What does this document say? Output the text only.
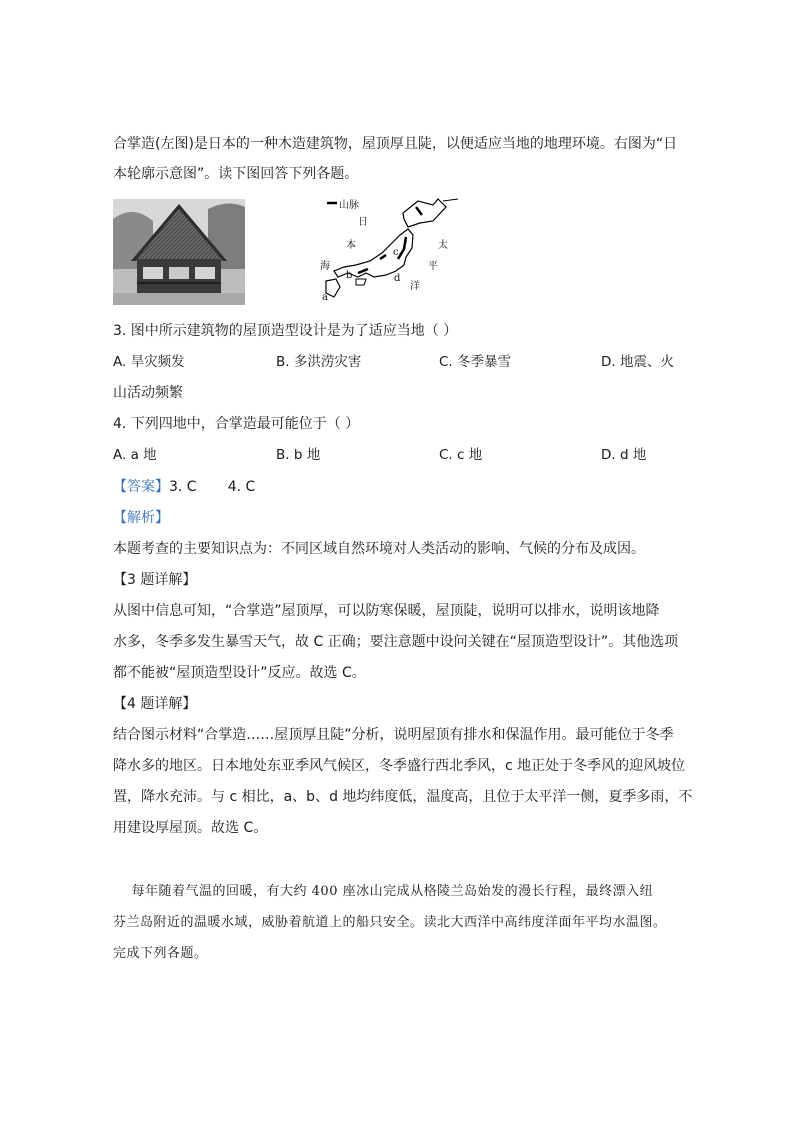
合掌造(左图)是日本的一种木造建筑物，屋顶厚且陡，以便适应当地的地理环境。右图为“日
本轮廓示意图”。读下图回答下列各题。
山脉
日
本
海
太
平
洋
a
b
c
d
3. 图中所示建筑物的屋顶造型设计是为了适应当地（ ）
A. 旱灾频发	B. 多洪涝灾害	C. 冬季暴雪	D. 地震、火
山活动频繁
4. 下列四地中，合掌造最可能位于（ ）
A. a 地	B. b 地	C. c 地	D. d 地
【答案】3. C       4. C
【解析】
本题考查的主要知识点为：不同区域自然环境对人类活动的影响、气候的分布及成因。
【3 题详解】
从图中信息可知，“合掌造”屋顶厚，可以防寒保暖，屋顶陡，说明可以排水，说明该地降
水多，冬季多发生暴雪天气，故 C 正确；要注意题中设问关键在“屋顶造型设计”。其他选项
都不能被“屋顶造型设计”反应。故选 C。
【4 题详解】
结合图示材料“合掌造……屋顶厚且陡”分析，说明屋顶有排水和保温作用。最可能位于冬季
降水多的地区。日本地处东亚季风气候区，冬季盛行西北季风，c 地正处于冬季风的迎风坡位
置，降水充沛。与 c 相比，a、b、d 地均纬度低，温度高，且位于太平洋一侧，夏季多雨，不
用建设厚屋顶。故选 C。
每年随着气温的回暖，有大约 400 座冰山完成从格陵兰岛始发的漫长行程，最终漂入纽
芬兰岛附近的温暖水域，威胁着航道上的船只安全。读北大西洋中高纬度洋面年平均水温图。
完成下列各题。
